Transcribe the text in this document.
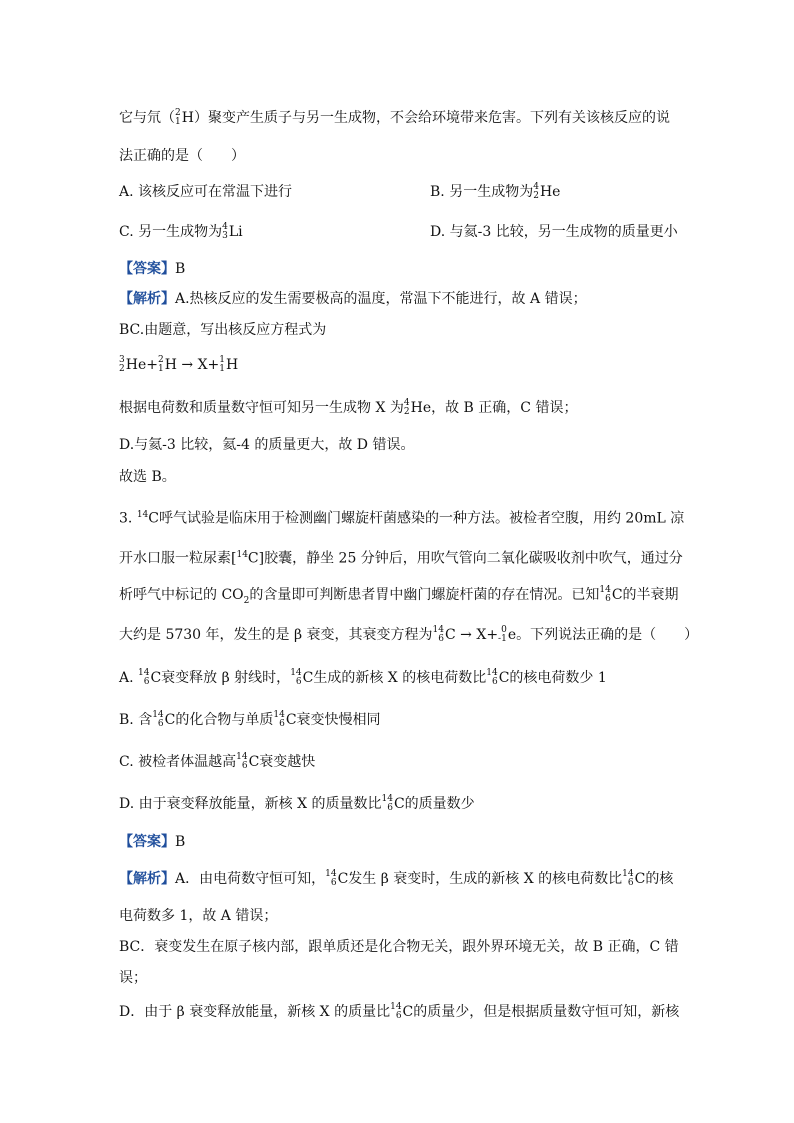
它与氘（ 2
1 H）聚变产生质子与另一生成物，不会给环境带来危害。下列有关该核反应的说
法正确的是（　　）
A. 该核反应可在常温下进行	B. 另一生成物为 4
2 He
C. 另一生成物为 4
3 Li	D. 与氦-3 比较，另一生成物的质量更小
【答案】B
【解析】A.热核反应的发生需要极高的温度，常温下不能进行，故 A 错误；
BC.由题意，写出核反应方程式为
3
2 He+ 2
1 H → X+ 1
1 H
根据电荷数和质量数守恒可知另一生成物 X 为 4
2 He，故 B 正确，C 错误；
D.与氦-3 比较，氦-4 的质量更大，故 D 错误。
故选 B。
3. $^{14}$C呼气试验是临床用于检测幽门螺旋杆菌感染的一种方法。被检者空腹，用约 20mL 凉
开水口服一粒尿素[$^{14}$C]胶囊，静坐 25 分钟后，用吹气管向二氧化碳吸收剂中吹气，通过分
析呼气中标记的 $CO_2$的含量即可判断患者胃中幽门螺旋杆菌的存在情况。已知 14
6 C的半衰期
大约是 5730 年，发生的是 β 衰变，其衰变方程为 14
6 C → X+ 0
-1 e。下列说法正确的是（　　）
A. 14
6 C衰变释放 β 射线时， 14
6 C生成的新核 X 的核电荷数比 14
6 C的核电荷数少 1
B. 含 14
6 C的化合物与单质 14
6 C衰变快慢相同
C. 被检者体温越高 14
6 C衰变越快
D. 由于衰变释放能量，新核 X 的质量数比 14
6 C的质量数少
【答案】B
【解析】A．由电荷数守恒可知， 14
6 C发生 β 衰变时，生成的新核 X 的核电荷数比 14
6 C的核
电荷数多 1，故 A 错误；
BC．衰变发生在原子核内部，跟单质还是化合物无关，跟外界环境无关，故 B 正确，C 错
误；
D．由于 β 衰变释放能量，新核 X 的质量比 14
6 C的质量少，但是根据质量数守恒可知，新核
